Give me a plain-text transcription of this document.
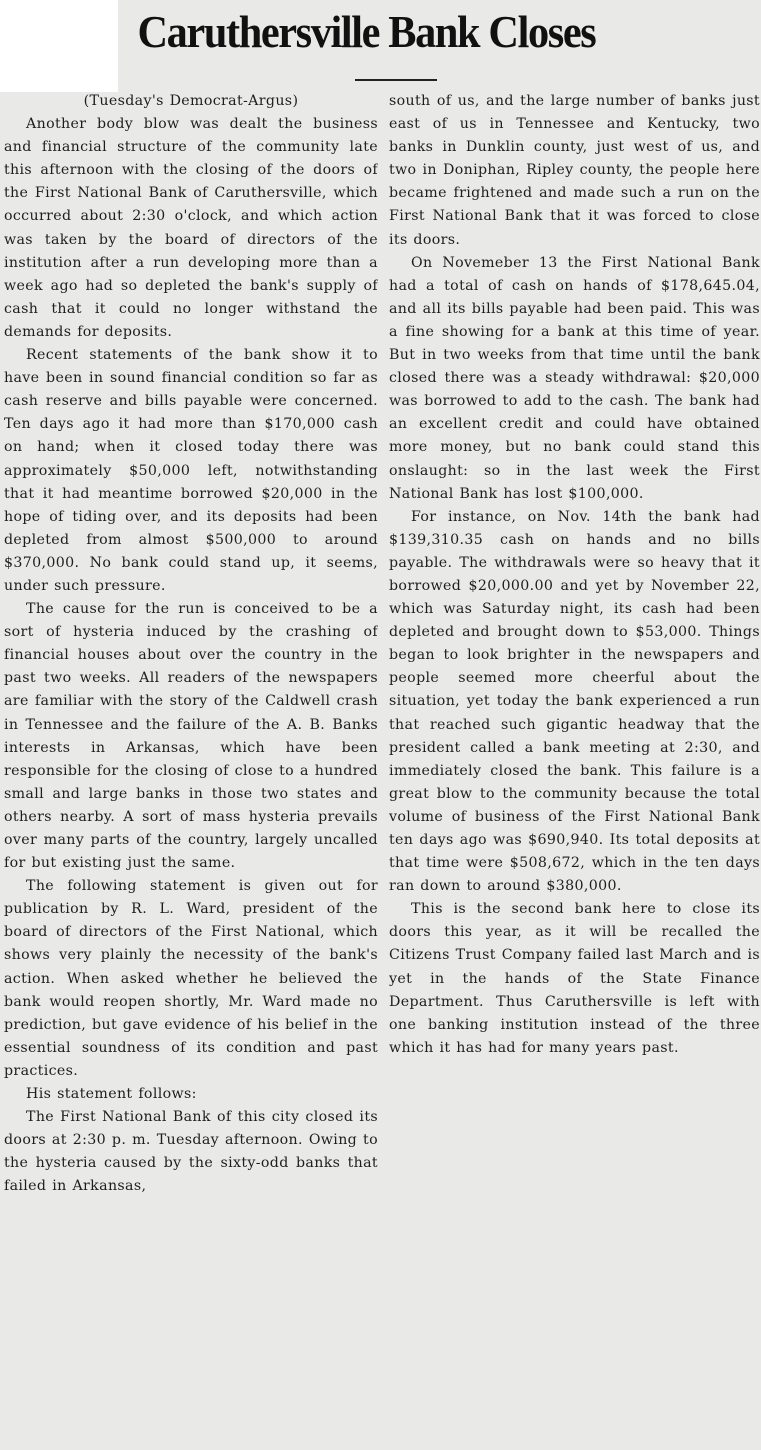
Caruthersville Bank Closes

(Tuesday's Democrat-Argus)

Another body blow was dealt the business and financial structure of the community late this afternoon with the closing of the doors of the First National Bank of Caruthersville, which occurred about 2:30 o'clock, and which action was taken by the board of directors of the institution after a run developing more than a week ago had so depleted the bank's supply of cash that it could no longer withstand the demands for deposits.

Recent statements of the bank show it to have been in sound financial condition so far as cash reserve and bills payable were concerned. Ten days ago it had more than $170,000 cash on hand; when it closed today there was approximately $50,000 left, notwithstanding that it had meantime borrowed $20,000 in the hope of tiding over, and its deposits had been depleted from almost $500,000 to around $370,000. No bank could stand up, it seems, under such pressure.

The cause for the run is conceived to be a sort of hysteria induced by the crashing of financial houses about over the country in the past two weeks. All readers of the newspapers are familiar with the story of the Caldwell crash in Tennessee and the failure of the A. B. Banks interests in Arkansas, which have been responsible for the closing of close to a hundred small and large banks in those two states and others nearby. A sort of mass hysteria prevails over many parts of the country, largely uncalled for but existing just the same.

The following statement is given out for publication by R. L. Ward, president of the board of directors of the First National, which shows very plainly the necessity of the bank's action. When asked whether he believed the bank would reopen shortly, Mr. Ward made no prediction, but gave evidence of his belief in the essential soundness of its condition and past practices.

His statement follows:

The First National Bank of this city closed its doors at 2:30 p. m. Tuesday afternoon. Owing to the hysteria caused by the sixty-odd banks that failed in Arkansas,

south of us, and the large number of banks just east of us in Tennessee and Kentucky, two banks in Dunklin county, just west of us, and two in Doniphan, Ripley county, the people here became frightened and made such a run on the First National Bank that it was forced to close its doors.

On Novemeber 13 the First National Bank had a total of cash on hands of $178,645.04, and all its bills payable had been paid. This was a fine showing for a bank at this time of year. But in two weeks from that time until the bank closed there was a steady withdrawal: $20,000 was borrowed to add to the cash. The bank had an excellent credit and could have obtained more money, but no bank could stand this onslaught: so in the last week the First National Bank has lost $100,000.

For instance, on Nov. 14th the bank had $139,310.35 cash on hands and no bills payable. The withdrawals were so heavy that it borrowed $20,000.00 and yet by November 22, which was Saturday night, its cash had been depleted and brought down to $53,000. Things began to look brighter in the newspapers and people seemed more cheerful about the situation, yet today the bank experienced a run that reached such gigantic headway that the president called a bank meeting at 2:30, and immediately closed the bank. This failure is a great blow to the community because the total volume of business of the First National Bank ten days ago was $690,940. Its total deposits at that time were $508,672, which in the ten days ran down to around $380,000.

This is the second bank here to close its doors this year, as it will be recalled the Citizens Trust Company failed last March and is yet in the hands of the State Finance Department. Thus Caruthersville is left with one banking institution instead of the three which it has had for many years past.
